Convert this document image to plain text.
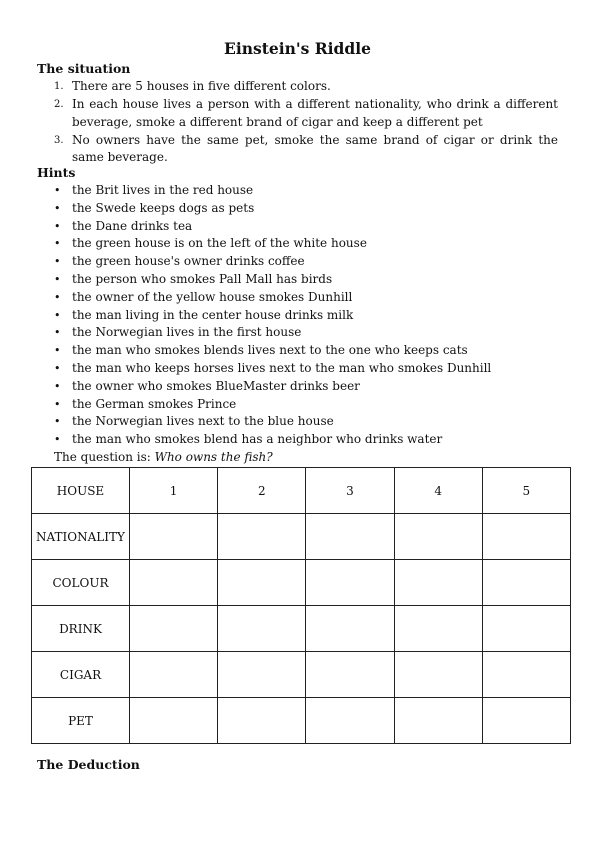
Einstein's Riddle
The situation
1. There are 5 houses in five different colors.
2. In each house lives a person with a different nationality, who drink a different beverage, smoke a different brand of cigar and keep a different pet
3. No owners have the same pet, smoke the same brand of cigar or drink the same beverage.
Hints
• the Brit lives in the red house
• the Swede keeps dogs as pets
• the Dane drinks tea
• the green house is on the left of the white house
• the green house's owner drinks coffee
• the person who smokes Pall Mall has birds
• the owner of the yellow house smokes Dunhill
• the man living in the center house drinks milk
• the Norwegian lives in the first house
• the man who smokes blends lives next to the one who keeps cats
• the man who keeps horses lives next to the man who smokes Dunhill
• the owner who smokes BlueMaster drinks beer
• the German smokes Prince
• the Norwegian lives next to the blue house
• the man who smokes blend has a neighbor who drinks water
The question is: Who owns the fish?
HOUSE	1	2	3	4	5
NATIONALITY					
COLOUR					
DRINK					
CIGAR					
PET					
The Deduction
